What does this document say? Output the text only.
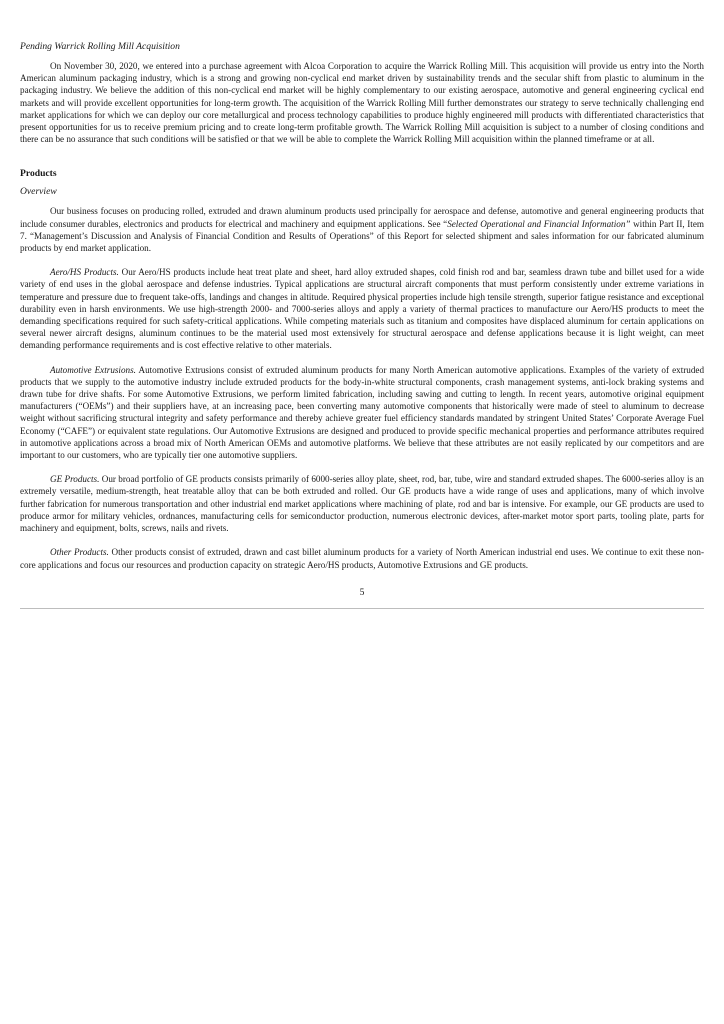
Pending Warrick Rolling Mill Acquisition

On November 30, 2020, we entered into a purchase agreement with Alcoa Corporation to acquire the Warrick Rolling Mill. This acquisition will provide us entry into the North American aluminum packaging industry, which is a strong and growing non-cyclical end market driven by sustainability trends and the secular shift from plastic to aluminum in the packaging industry. We believe the addition of this non-cyclical end market will be highly complementary to our existing aerospace, automotive and general engineering cyclical end markets and will provide excellent opportunities for long-term growth. The acquisition of the Warrick Rolling Mill further demonstrates our strategy to serve technically challenging end market applications for which we can deploy our core metallurgical and process technology capabilities to produce highly engineered mill products with differentiated characteristics that present opportunities for us to receive premium pricing and to create long-term profitable growth. The Warrick Rolling Mill acquisition is subject to a number of closing conditions and there can be no assurance that such conditions will be satisfied or that we will be able to complete the Warrick Rolling Mill acquisition within the planned timeframe or at all.

Products
Overview

Our business focuses on producing rolled, extruded and drawn aluminum products used principally for aerospace and defense, automotive and general engineering products that include consumer durables, electronics and products for electrical and machinery and equipment applications. See “Selected Operational and Financial Information” within Part II, Item 7. “Management’s Discussion and Analysis of Financial Condition and Results of Operations” of this Report for selected shipment and sales information for our fabricated aluminum products by end market application.

Aero/HS Products. Our Aero/HS products include heat treat plate and sheet, hard alloy extruded shapes, cold finish rod and bar, seamless drawn tube and billet used for a wide variety of end uses in the global aerospace and defense industries. Typical applications are structural aircraft components that must perform consistently under extreme variations in temperature and pressure due to frequent take-offs, landings and changes in altitude. Required physical properties include high tensile strength, superior fatigue resistance and exceptional durability even in harsh environments. We use high-strength 2000- and 7000-series alloys and apply a variety of thermal practices to manufacture our Aero/HS products to meet the demanding specifications required for such safety-critical applications. While competing materials such as titanium and composites have displaced aluminum for certain applications on several newer aircraft designs, aluminum continues to be the material used most extensively for structural aerospace and defense applications because it is light weight, can meet demanding performance requirements and is cost effective relative to other materials.

Automotive Extrusions. Automotive Extrusions consist of extruded aluminum products for many North American automotive applications. Examples of the variety of extruded products that we supply to the automotive industry include extruded products for the body-in-white structural components, crash management systems, anti-lock braking systems and drawn tube for drive shafts. For some Automotive Extrusions, we perform limited fabrication, including sawing and cutting to length. In recent years, automotive original equipment manufacturers (“OEMs”) and their suppliers have, at an increasing pace, been converting many automotive components that historically were made of steel to aluminum to decrease weight without sacrificing structural integrity and safety performance and thereby achieve greater fuel efficiency standards mandated by stringent United States’ Corporate Average Fuel Economy (“CAFE”) or equivalent state regulations. Our Automotive Extrusions are designed and produced to provide specific mechanical properties and performance attributes required in automotive applications across a broad mix of North American OEMs and automotive platforms. We believe that these attributes are not easily replicated by our competitors and are important to our customers, who are typically tier one automotive suppliers.

GE Products. Our broad portfolio of GE products consists primarily of 6000-series alloy plate, sheet, rod, bar, tube, wire and standard extruded shapes. The 6000-series alloy is an extremely versatile, medium-strength, heat treatable alloy that can be both extruded and rolled. Our GE products have a wide range of uses and applications, many of which involve further fabrication for numerous transportation and other industrial end market applications where machining of plate, rod and bar is intensive. For example, our GE products are used to produce armor for military vehicles, ordnances, manufacturing cells for semiconductor production, numerous electronic devices, after-market motor sport parts, tooling plate, parts for machinery and equipment, bolts, screws, nails and rivets.

Other Products. Other products consist of extruded, drawn and cast billet aluminum products for a variety of North American industrial end uses. We continue to exit these non-core applications and focus our resources and production capacity on strategic Aero/HS products, Automotive Extrusions and GE products.

5
